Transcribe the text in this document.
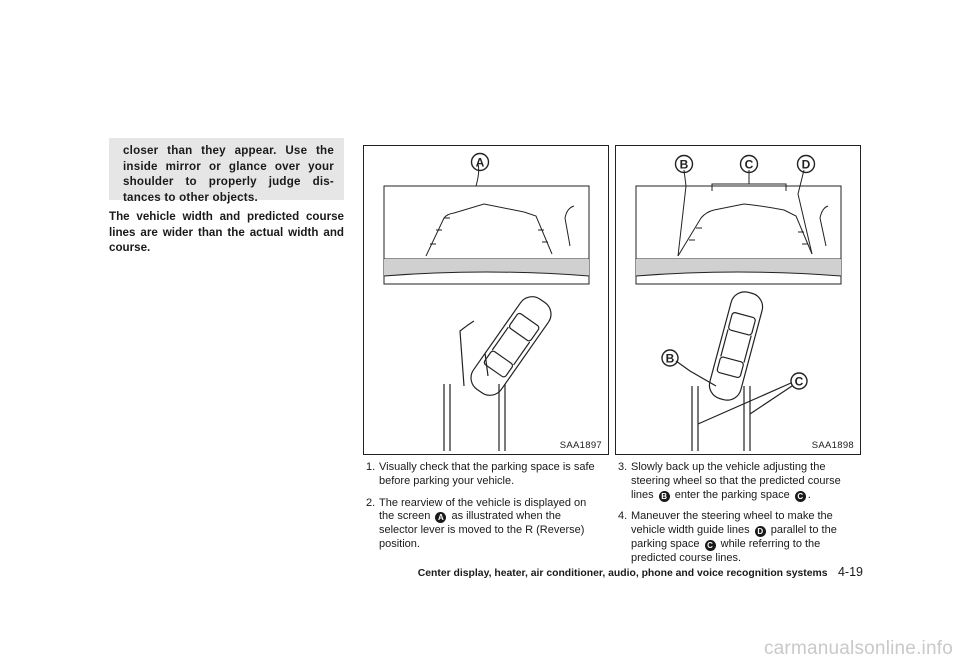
closer than they appear. Use the
inside mirror or glance over your
shoulder to properly judge dis-
tances to other objects.
The vehicle width and predicted course
lines are wider than the actual width and
course.
A
SAA1897
B	C	D
B
C
SAA1898
1. Visually check that the parking space is safe
before parking your vehicle.
2. The rearview of the vehicle is displayed on
the screen A as illustrated when the
selector lever is moved to the R (Reverse)
position.
3. Slowly back up the vehicle adjusting the
steering wheel so that the predicted course
lines B enter the parking space C .
4. Maneuver the steering wheel to make the
vehicle width guide lines D parallel to the
parking space C while referring to the
predicted course lines.
Center display, heater, air conditioner, audio, phone and voice recognition systems 4-19
carmanualsonline.info
